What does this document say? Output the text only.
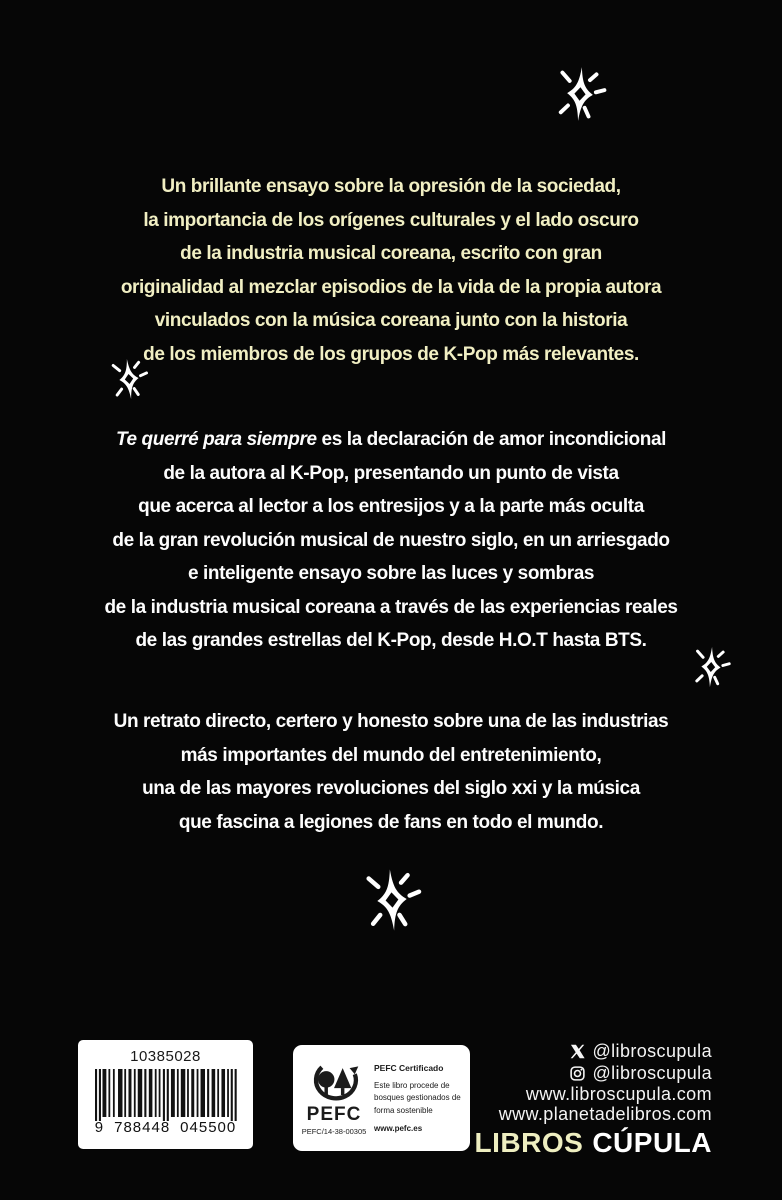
Un brillante ensayo sobre la opresión de la sociedad,
la importancia de los orígenes culturales y el lado oscuro
de la industria musical coreana, escrito con gran
originalidad al mezclar episodios de la vida de la propia autora
vinculados con la música coreana junto con la historia
de los miembros de los grupos de K-Pop más relevantes.
Te querré para siempre es la declaración de amor incondicional
de la autora al K-Pop, presentando un punto de vista
que acerca al lector a los entresijos y a la parte más oculta
de la gran revolución musical de nuestro siglo, en un arriesgado
e inteligente ensayo sobre las luces y sombras
de la industria musical coreana a través de las experiencias reales
de las grandes estrellas del K-Pop, desde H.O.T hasta BTS.
Un retrato directo, certero y honesto sobre una de las industrias
más importantes del mundo del entretenimiento,
una de las mayores revoluciones del siglo xxi y la música
que fascina a legiones de fans en todo el mundo.
10385028
9 788448 045500
PEFC
PEFC/14-38-00305
PEFC Certificado
Este libro procede de bosques gestionados de forma sostenible
www.pefc.es
@libroscupula
@libroscupula
www.libroscupula.com
www.planetadelibros.com
LIBROS CÚPULA
